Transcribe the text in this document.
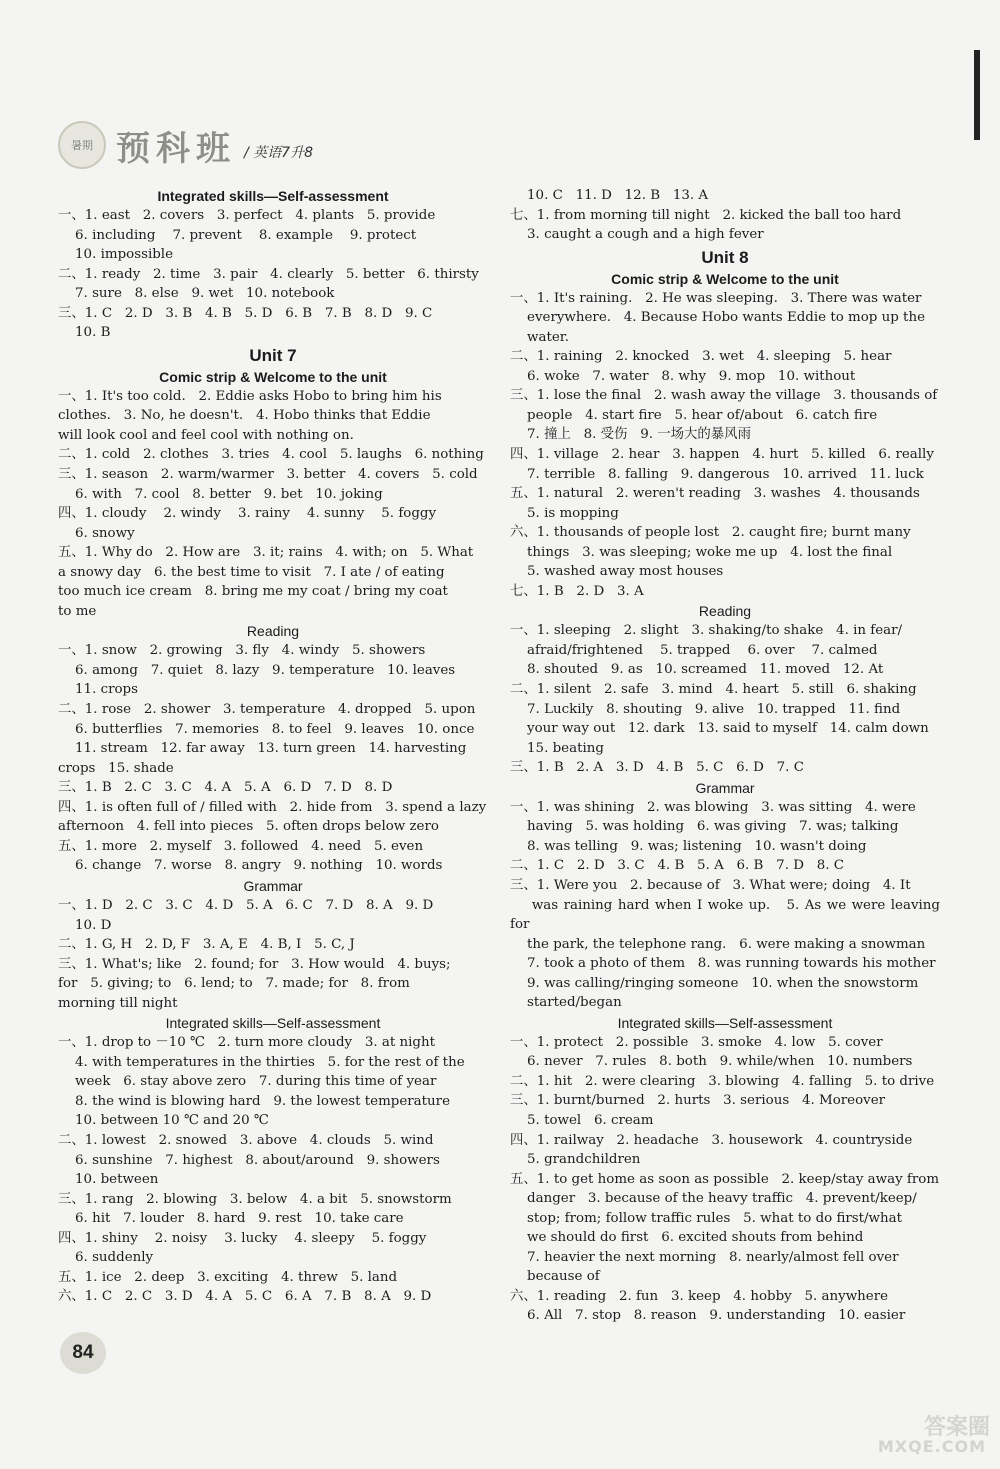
暑期 预科班 / 英语7升8
Integrated skills—Self-assessment
一、1. east   2. covers   3. perfect   4. plants   5. provide
6. including    7. prevent    8. example    9. protect
10. impossible
二、1. ready   2. time   3. pair   4. clearly   5. better   6. thirsty
7. sure   8. else   9. wet   10. notebook
三、1. C   2. D   3. B   4. B   5. D   6. B   7. B   8. D   9. C
10. B
Unit 7
Comic strip & Welcome to the unit
一、1. It's too cold.   2. Eddie asks Hobo to bring him his
clothes.   3. No, he doesn't.   4. Hobo thinks that Eddie
will look cool and feel cool with nothing on.
二、1. cold   2. clothes   3. tries   4. cool   5. laughs   6. nothing
三、1. season   2. warm/warmer   3. better   4. covers   5. cold
6. with   7. cool   8. better   9. bet   10. joking
四、1. cloudy    2. windy    3. rainy    4. sunny    5. foggy
6. snowy
五、1. Why do   2. How are   3. it; rains   4. with; on   5. What
a snowy day   6. the best time to visit   7. I ate / of eating
too much ice cream   8. bring me my coat / bring my coat
to me
Reading
一、1. snow   2. growing   3. fly   4. windy   5. showers
6. among   7. quiet   8. lazy   9. temperature   10. leaves
11. crops
二、1. rose   2. shower   3. temperature   4. dropped   5. upon
6. butterflies   7. memories   8. to feel   9. leaves   10. once
11. stream   12. far away   13. turn green   14. harvesting
crops   15. shade
三、1. B   2. C   3. C   4. A   5. A   6. D   7. D   8. D
四、1. is often full of / filled with   2. hide from   3. spend a lazy
afternoon   4. fell into pieces   5. often drops below zero
五、1. more   2. myself   3. followed   4. need   5. even
6. change   7. worse   8. angry   9. nothing   10. words
Grammar
一、1. D   2. C   3. C   4. D   5. A   6. C   7. D   8. A   9. D
10. D
二、1. G, H   2. D, F   3. A, E   4. B, I   5. C, J
三、1. What's; like   2. found; for   3. How would   4. buys;
for   5. giving; to   6. lend; to   7. made; for   8. from
morning till night
Integrated skills—Self-assessment
一、1. drop to －10 ℃   2. turn more cloudy   3. at night
4. with temperatures in the thirties   5. for the rest of the
week   6. stay above zero   7. during this time of year
8. the wind is blowing hard   9. the lowest temperature
10. between 10 ℃ and 20 ℃
二、1. lowest   2. snowed   3. above   4. clouds   5. wind
6. sunshine   7. highest   8. about/around   9. showers
10. between
三、1. rang   2. blowing   3. below   4. a bit   5. snowstorm
6. hit   7. louder   8. hard   9. rest   10. take care
四、1. shiny    2. noisy    3. lucky    4. sleepy    5. foggy
6. suddenly
五、1. ice   2. deep   3. exciting   4. threw   5. land
六、1. C   2. C   3. D   4. A   5. C   6. A   7. B   8. A   9. D
10. C   11. D   12. B   13. A
七、1. from morning till night   2. kicked the ball too hard
3. caught a cough and a high fever
Unit 8
Comic strip & Welcome to the unit
一、1. It's raining.   2. He was sleeping.   3. There was water
everywhere.   4. Because Hobo wants Eddie to mop up the
water.
二、1. raining   2. knocked   3. wet   4. sleeping   5. hear
6. woke   7. water   8. why   9. mop   10. without
三、1. lose the final   2. wash away the village   3. thousands of
people   4. start fire   5. hear of/about   6. catch fire
7. 撞上   8. 受伤   9. 一场大的暴风雨
四、1. village   2. hear   3. happen   4. hurt   5. killed   6. really
7. terrible   8. falling   9. dangerous   10. arrived   11. luck
五、1. natural   2. weren't reading   3. washes   4. thousands
5. is mopping
六、1. thousands of people lost   2. caught fire; burnt many
things   3. was sleeping; woke me up   4. lost the final
5. washed away most houses
七、1. B   2. D   3. A
Reading
一、1. sleeping   2. slight   3. shaking/to shake   4. in fear/
afraid/frightened    5. trapped    6. over    7. calmed
8. shouted   9. as   10. screamed   11. moved   12. At
二、1. silent   2. safe   3. mind   4. heart   5. still   6. shaking
7. Luckily   8. shouting   9. alive   10. trapped   11. find
your way out   12. dark   13. said to myself   14. calm down
15. beating
三、1. B   2. A   3. D   4. B   5. C   6. D   7. C
Grammar
一、1. was shining   2. was blowing   3. was sitting   4. were
having   5. was holding   6. was giving   7. was; talking
8. was telling   9. was; listening   10. wasn't doing
二、1. C   2. D   3. C   4. B   5. A   6. B   7. D   8. C
三、1. Were you   2. because of   3. What were; doing   4. It
was raining hard when I woke up.   5. As we were leaving for
the park, the telephone rang.   6. were making a snowman
7. took a photo of them   8. was running towards his mother
9. was calling/ringing someone   10. when the snowstorm
started/began
Integrated skills—Self-assessment
一、1. protect   2. possible   3. smoke   4. low   5. cover
6. never   7. rules   8. both   9. while/when   10. numbers
二、1. hit   2. were clearing   3. blowing   4. falling   5. to drive
三、1. burnt/burned   2. hurts   3. serious   4. Moreover
5. towel   6. cream
四、1. railway   2. headache   3. housework   4. countryside
5. grandchildren
五、1. to get home as soon as possible   2. keep/stay away from
danger   3. because of the heavy traffic   4. prevent/keep/
stop; from; follow traffic rules   5. what to do first/what
we should do first   6. excited shouts from behind
7. heavier the next morning   8. nearly/almost fell over
because of
六、1. reading   2. fun   3. keep   4. hobby   5. anywhere
6. All   7. stop   8. reason   9. understanding   10. easier
84
答案圈
MXQE.COM
